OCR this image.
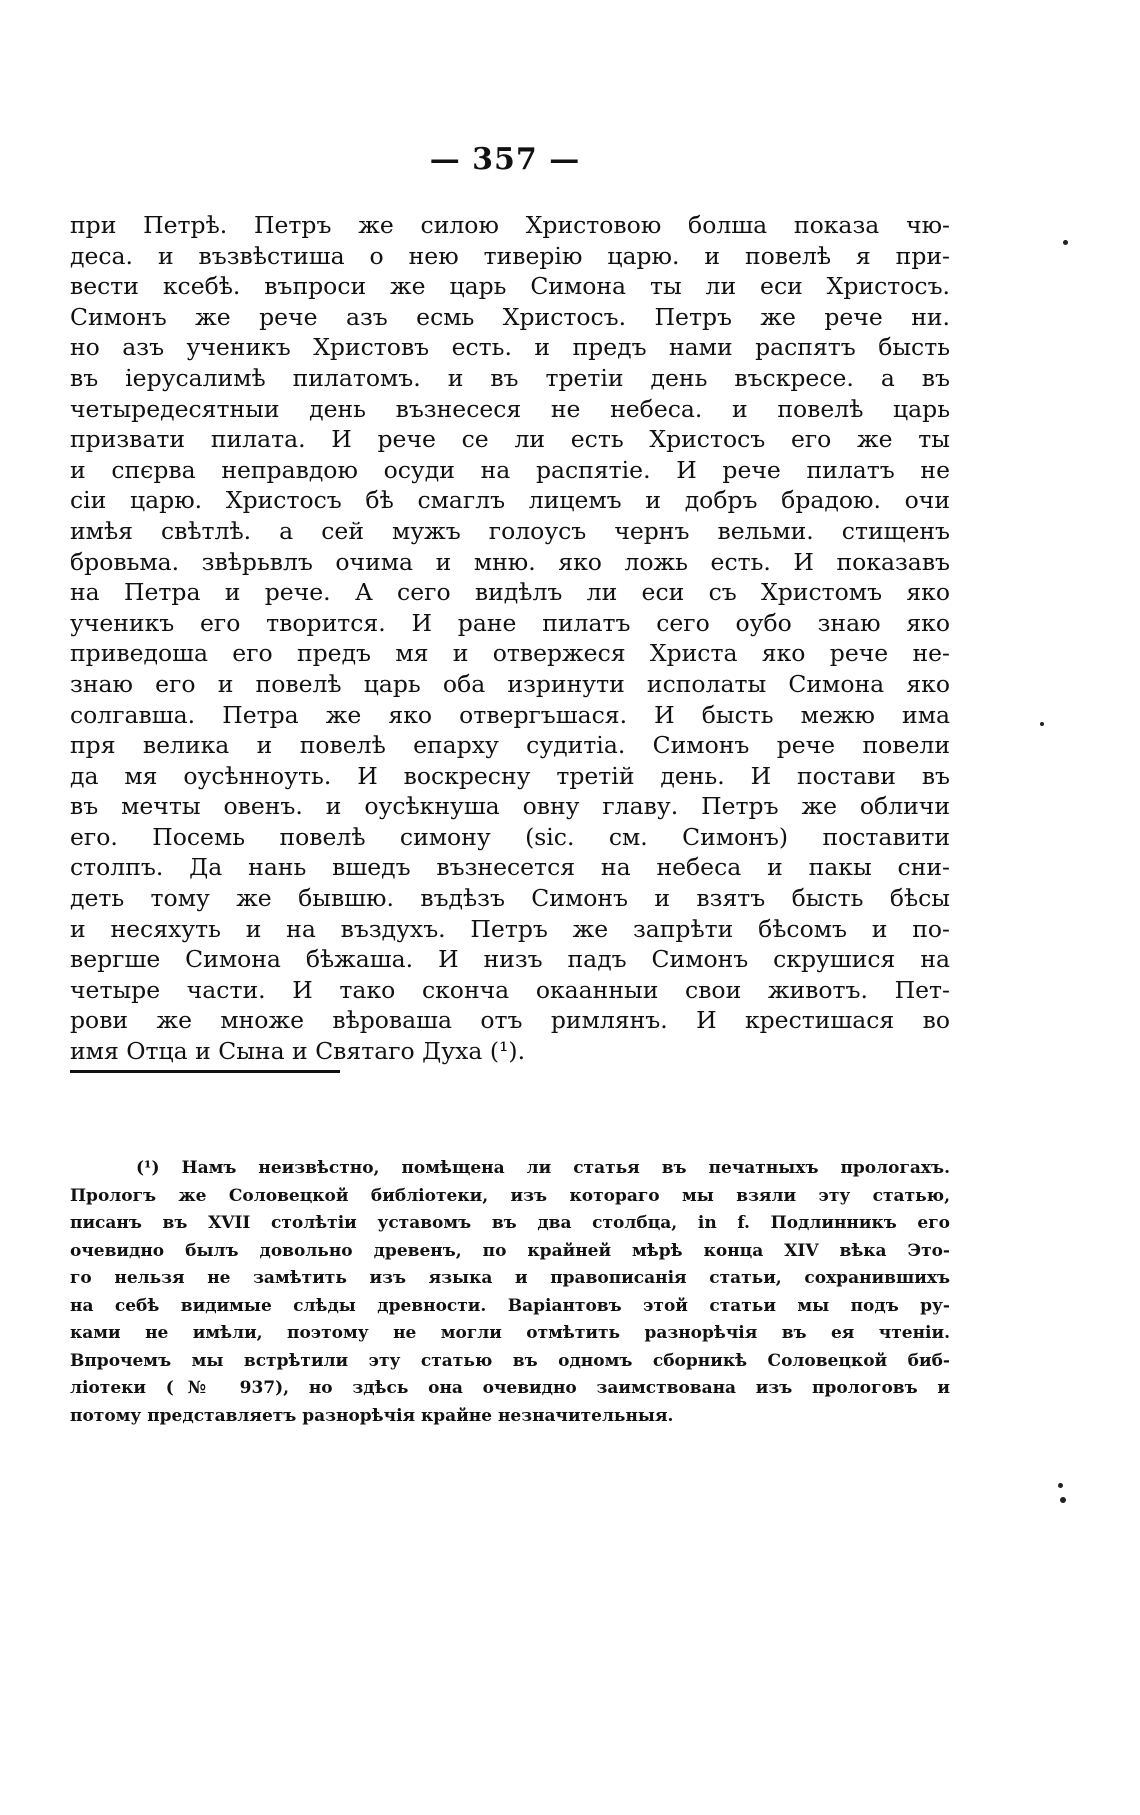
— 357 —
при Петрѣ. Петръ же силою Христовою болша показа чю-
деса. и възвѣстиша о нею тиверію царю. и повелѣ я при-
вести ксебѣ. въпроси же царь Симона ты ли еси Христосъ.
Симонъ же рече азъ есмь Христосъ. Петръ же рече ни.
но азъ ученикъ Христовъ есть. и предъ нами распятъ бысть
въ іерусалимѣ пилатомъ. и въ третіи день въскресе. а въ
четыредесятныи день възнесеся не небеса. и повелѣ царь
призвати пилата. И рече се ли есть Христосъ его же ты
и спєрва неправдою осуди на распятіе. И рече пилатъ не
сіи царю. Христосъ бѣ смаглъ лицемъ и добръ брадою. очи
имѣя свѣтлѣ. а сей мужъ голоусъ чернъ вельми. стищенъ
бровьма. звѣрьвлъ очима и мню. яко ложь есть. И показавъ
на Петра и рече. А сего видѣлъ ли еси съ Христомъ яко
ученикъ его творится. И рaнe пилатъ сего оубо знаю яко
приведоша его предъ мя и отвержеся Христа яко рече не-
знаю его и повелѣ царь оба изринути исполаты Симона яко
солгавша. Петра же яко отвергъшася. И бысть межю има
пря велика и повелѣ епарху судитіа. Симонъ рече повели
да мя оусѣнноуть. И воскресну третій день. И постави въ
въ мечты овенъ. и оусѣкнуша овну главу. Петръ же обличи
его. Посемь повелѣ симону (sic. см. Симонъ) поставити
столпъ. Да нань вшедъ възнесется на небеса и пакы сни-
деть тому же бывшю. въдѣзъ Симонъ и взятъ бысть бѣсы
и несяхуть и на въздухъ. Петръ же запрѣти бѣсомъ и по-
вергше Симона бѣжаша. И низъ падъ Симонъ скрушися на
четыре части. И тако скончa окаанныи свои животъ. Пет-
рови же множе вѣроваша отъ римлянъ. И крестишася во
имя Отца и Сына и Святаго Духа (¹).
(¹) Намъ неизвѣстно, помѣщена ли статья въ печатныхъ прологахъ.
Прологъ же Соловецкой библіотеки, изъ котораго мы взяли эту статью,
писанъ въ XVII столѣтіи уставомъ въ два столбца, in f. Подлинникъ его
очевидно былъ довольно древенъ, по крайней мѣрѣ конца XIV вѣка Это-
го нельзя не замѣтить изъ языка и правописанія статьи, сохранившихъ
на себѣ видимые слѣды древности. Варіантовъ этой статьи мы подъ ру-
ками не имѣли, поэтому не могли отмѣтить разнорѣчія въ ея чтеніи.
Впрочемъ мы встрѣтили эту статью въ одномъ сборникѣ Соловецкой биб-
ліотеки (№ 937), но здѣсь она очевидно заимствована изъ прологовъ и
потому представляетъ разнорѣчія крайне незначительныя.
